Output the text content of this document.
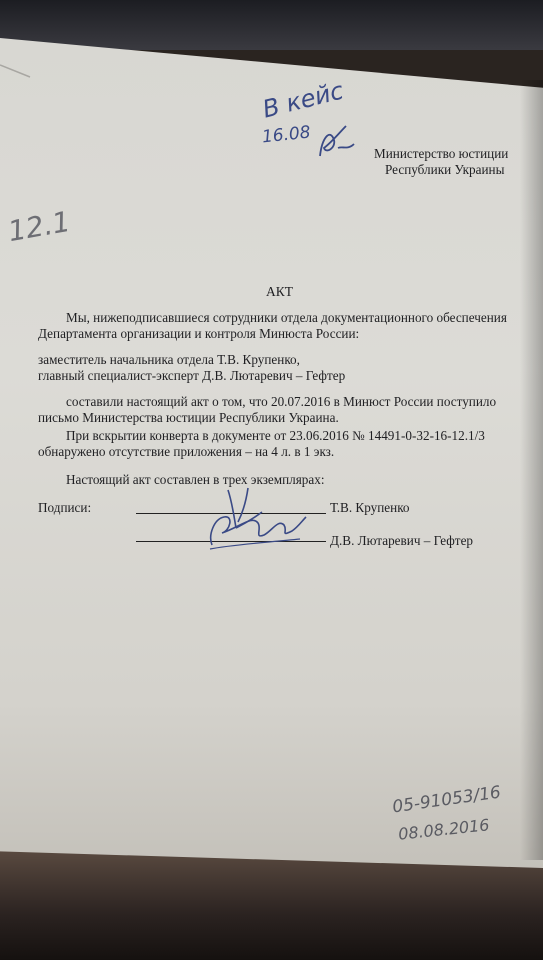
Министерство юстиции
Республики Украины
В кейс
16.08
12.1
АКТ
Мы, нижеподписавшиеся сотрудники отдела документационного обеспечения
Департамента организации и контроля Минюста России:
заместитель начальника отдела Т.В. Крупенко,
главный специалист-эксперт Д.В. Лютаревич – Гефтер
составили настоящий акт о том, что 20.07.2016 в Минюст России поступило
письмо Министерства юстиции Республики Украина.
При вскрытии конверта в документе от 23.06.2016 № 14491-0-32-16-12.1/3
обнаружено отсутствие приложения – на 4 л. в 1 экз.
Настоящий акт составлен в трех экземплярах:
Подписи:	Т.В. Крупенко
Д.В. Лютаревич – Гефтер
05-91053/16
08.08.2016
